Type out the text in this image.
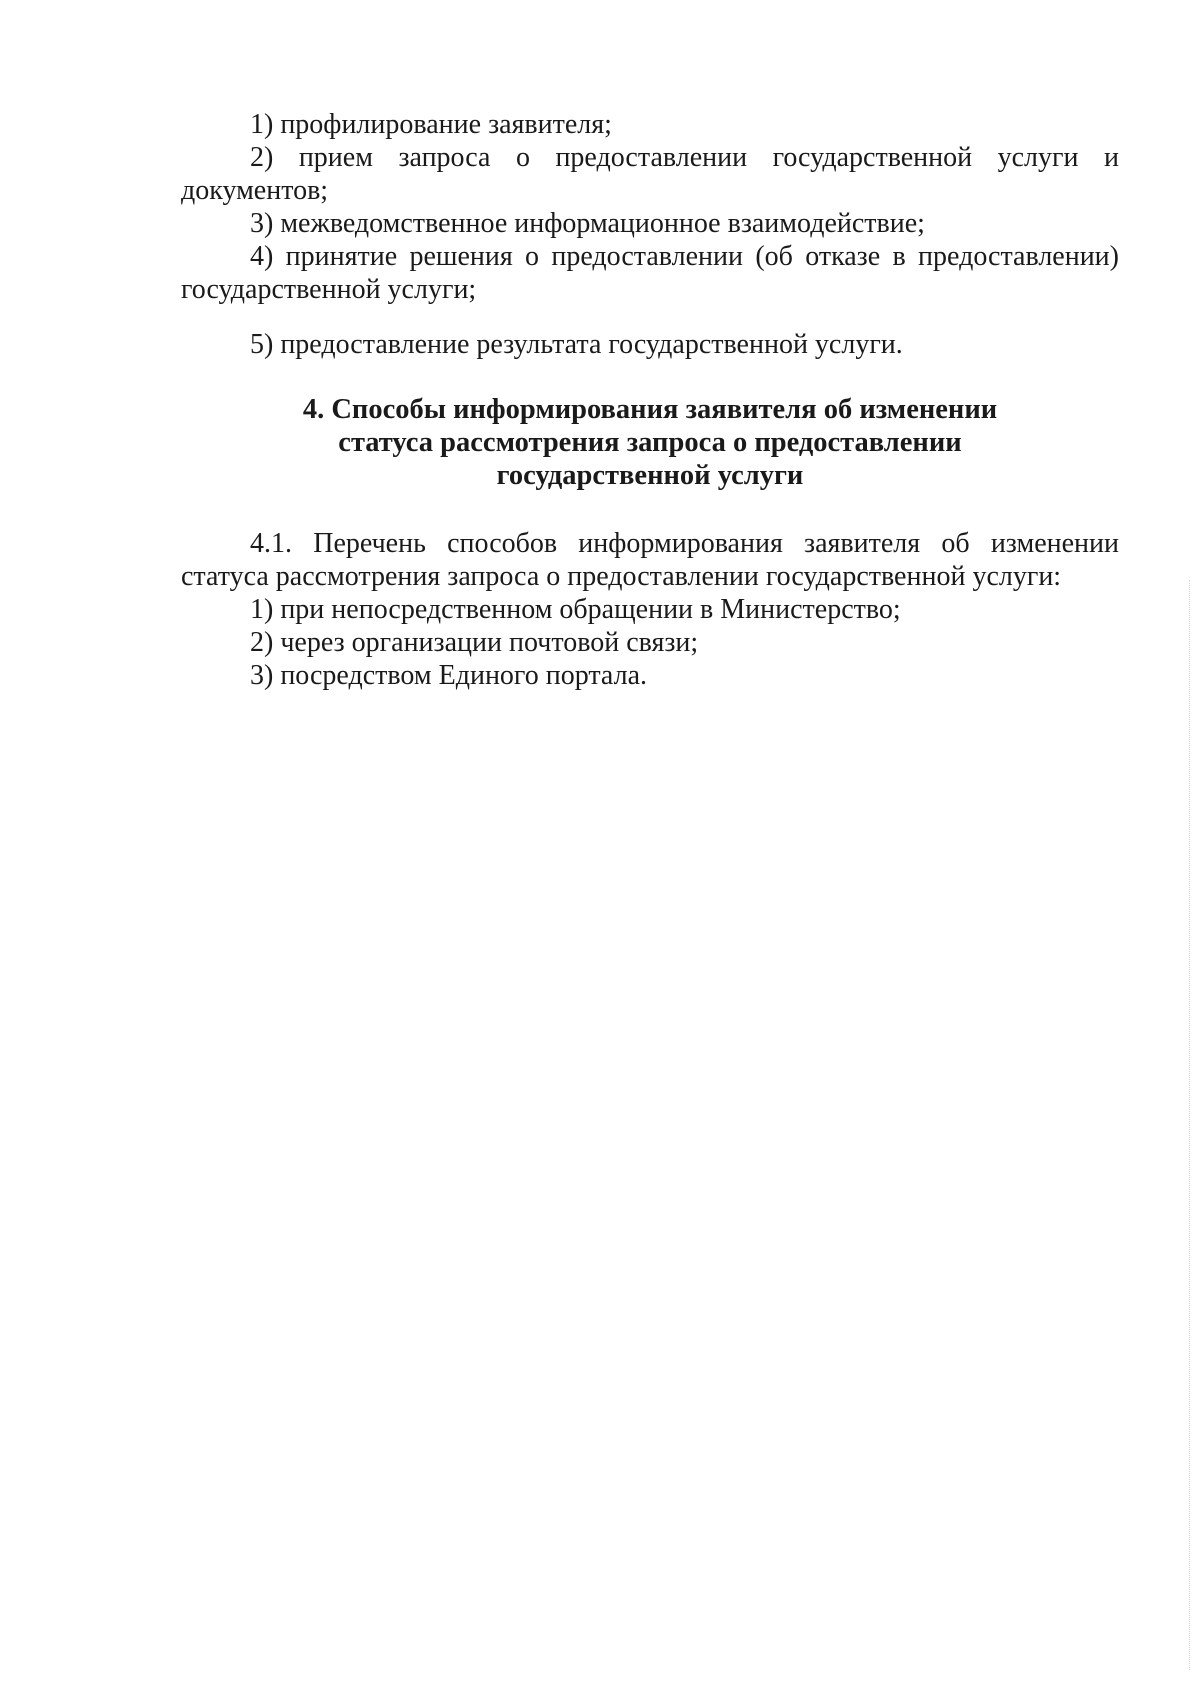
1) профилирование заявителя;

2) прием запроса о предоставлении государственной услуги и документов;

3) межведомственное информационное взаимодействие;

4) принятие решения о предоставлении (об отказе в предоставлении) государственной услуги;

5) предоставление результата государственной услуги.

4. Способы информирования заявителя об изменении
статуса рассмотрения запроса о предоставлении
государственной услуги

4.1. Перечень способов информирования заявителя об изменении статуса рассмотрения запроса о предоставлении государственной услуги:

1) при непосредственном обращении в Министерство;

2) через организации почтовой связи;

3) посредством Единого портала.
